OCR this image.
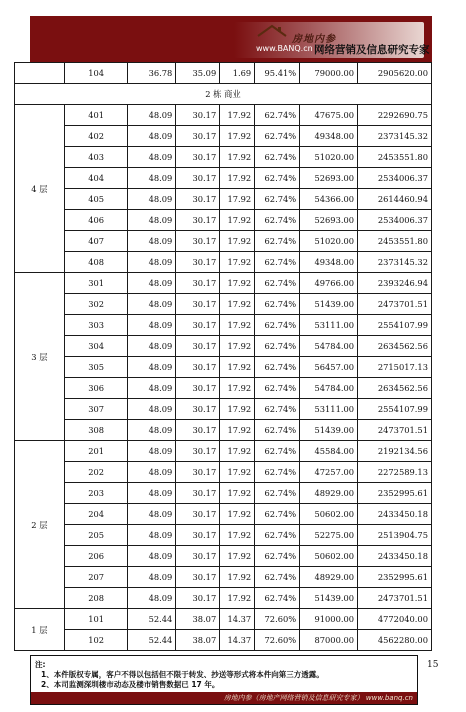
房地内参
www.BANQ.cn 网络营销及信息研究专家
	104	36.78	35.09	1.69	95.41%	79000.00	2905620.00
2 栋 商业							
4 层	401	48.09	30.17	17.92	62.74%	47675.00	2292690.75
	402	48.09	30.17	17.92	62.74%	49348.00	2373145.32
	403	48.09	30.17	17.92	62.74%	51020.00	2453551.80
	404	48.09	30.17	17.92	62.74%	52693.00	2534006.37
	405	48.09	30.17	17.92	62.74%	54366.00	2614460.94
	406	48.09	30.17	17.92	62.74%	52693.00	2534006.37
	407	48.09	30.17	17.92	62.74%	51020.00	2453551.80
	408	48.09	30.17	17.92	62.74%	49348.00	2373145.32
3 层	301	48.09	30.17	17.92	62.74%	49766.00	2393246.94
	302	48.09	30.17	17.92	62.74%	51439.00	2473701.51
	303	48.09	30.17	17.92	62.74%	53111.00	2554107.99
	304	48.09	30.17	17.92	62.74%	54784.00	2634562.56
	305	48.09	30.17	17.92	62.74%	56457.00	2715017.13
	306	48.09	30.17	17.92	62.74%	54784.00	2634562.56
	307	48.09	30.17	17.92	62.74%	53111.00	2554107.99
	308	48.09	30.17	17.92	62.74%	51439.00	2473701.51
2 层	201	48.09	30.17	17.92	62.74%	45584.00	2192134.56
	202	48.09	30.17	17.92	62.74%	47257.00	2272589.13
	203	48.09	30.17	17.92	62.74%	48929.00	2352995.61
	204	48.09	30.17	17.92	62.74%	50602.00	2433450.18
	205	48.09	30.17	17.92	62.74%	52275.00	2513904.75
	206	48.09	30.17	17.92	62.74%	50602.00	2433450.18
	207	48.09	30.17	17.92	62.74%	48929.00	2352995.61
	208	48.09	30.17	17.92	62.74%	51439.00	2473701.51
1 层	101	52.44	38.07	14.37	72.60%	91000.00	4772040.00
	102	52.44	38.07	14.37	72.60%	87000.00	4562280.00
注:
1、本件版权专属，客户不得以包括但不限于转发、抄送等形式将本件向第三方透露。
2、本司监测深圳楼市动态及楼市销售数据已 17 年。
房地内参（房地产网络营销及信息研究专家） www.banq.cn
15
